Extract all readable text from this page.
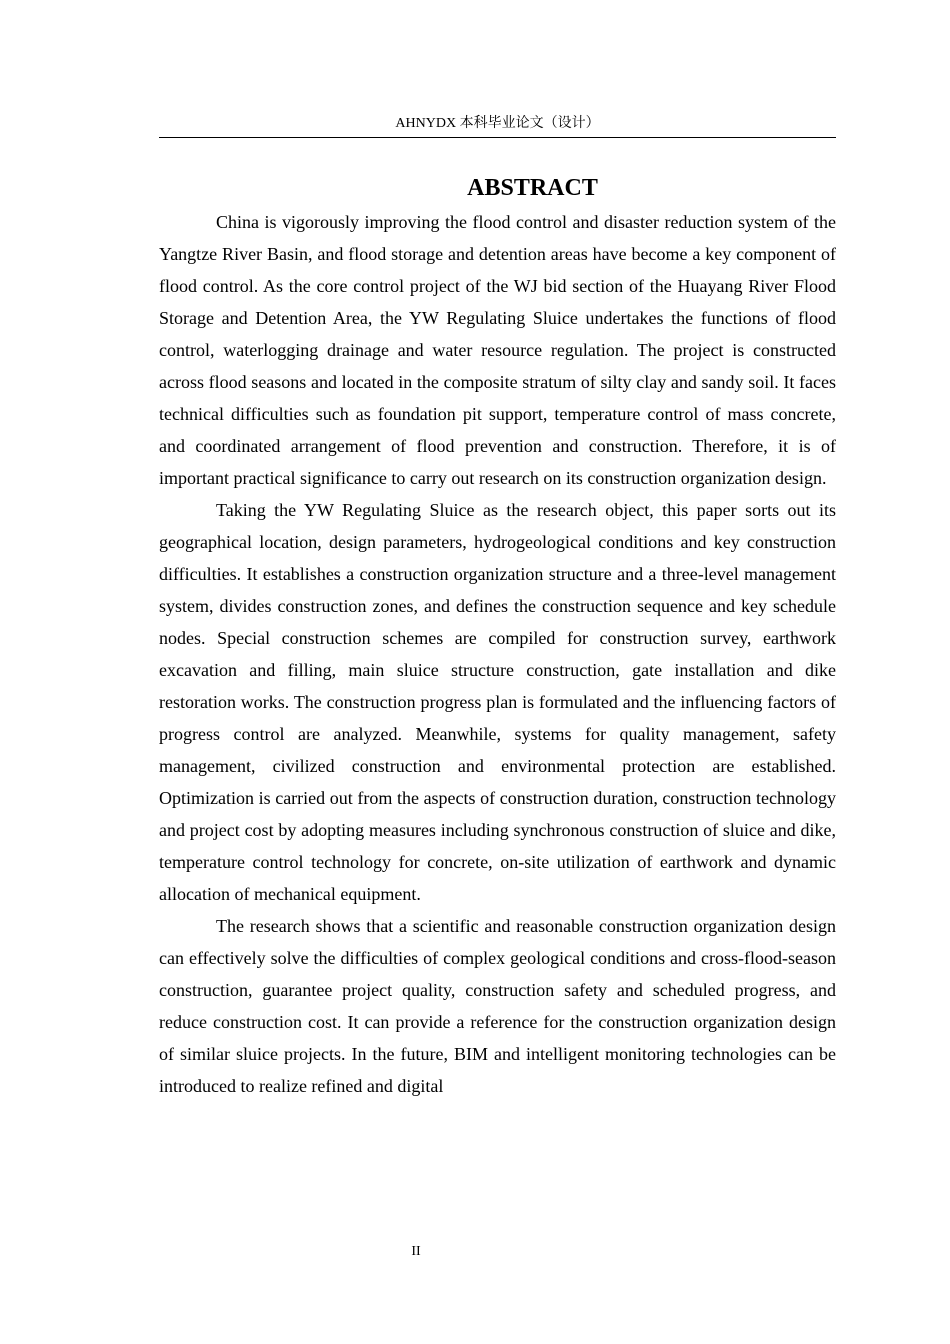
AHNYDX 本科毕业论文（设计）
ABSTRACT

China is vigorously improving the flood control and disaster reduction system of the Yangtze River Basin, and flood storage and detention areas have become a key component of flood control. As the core control project of the WJ bid section of the Huayang River Flood Storage and Detention Area, the YW Regulating Sluice undertakes the functions of flood control, waterlogging drainage and water resource regulation. The project is constructed across flood seasons and located in the composite stratum of silty clay and sandy soil. It faces technical difficulties such as foundation pit support, temperature control of mass concrete, and coordinated arrangement of flood prevention and construction. Therefore, it is of important practical significance to carry out research on its construction organization design.

Taking the YW Regulating Sluice as the research object, this paper sorts out its geographical location, design parameters, hydrogeological conditions and key construction difficulties. It establishes a construction organization structure and a three-level management system, divides construction zones, and defines the construction sequence and key schedule nodes. Special construction schemes are compiled for construction survey, earthwork excavation and filling, main sluice structure construction, gate installation and dike restoration works. The construction progress plan is formulated and the influencing factors of progress control are analyzed. Meanwhile, systems for quality management, safety management, civilized construction and environmental protection are established. Optimization is carried out from the aspects of construction duration, construction technology and project cost by adopting measures including synchronous construction of sluice and dike, temperature control technology for concrete, on-site utilization of earthwork and dynamic allocation of mechanical equipment.

The research shows that a scientific and reasonable construction organization design can effectively solve the difficulties of complex geological conditions and cross-flood-season construction, guarantee project quality, construction safety and scheduled progress, and reduce construction cost. It can provide a reference for the construction organization design of similar sluice projects. In the future, BIM and intelligent monitoring technologies can be introduced to realize refined and digital

II
